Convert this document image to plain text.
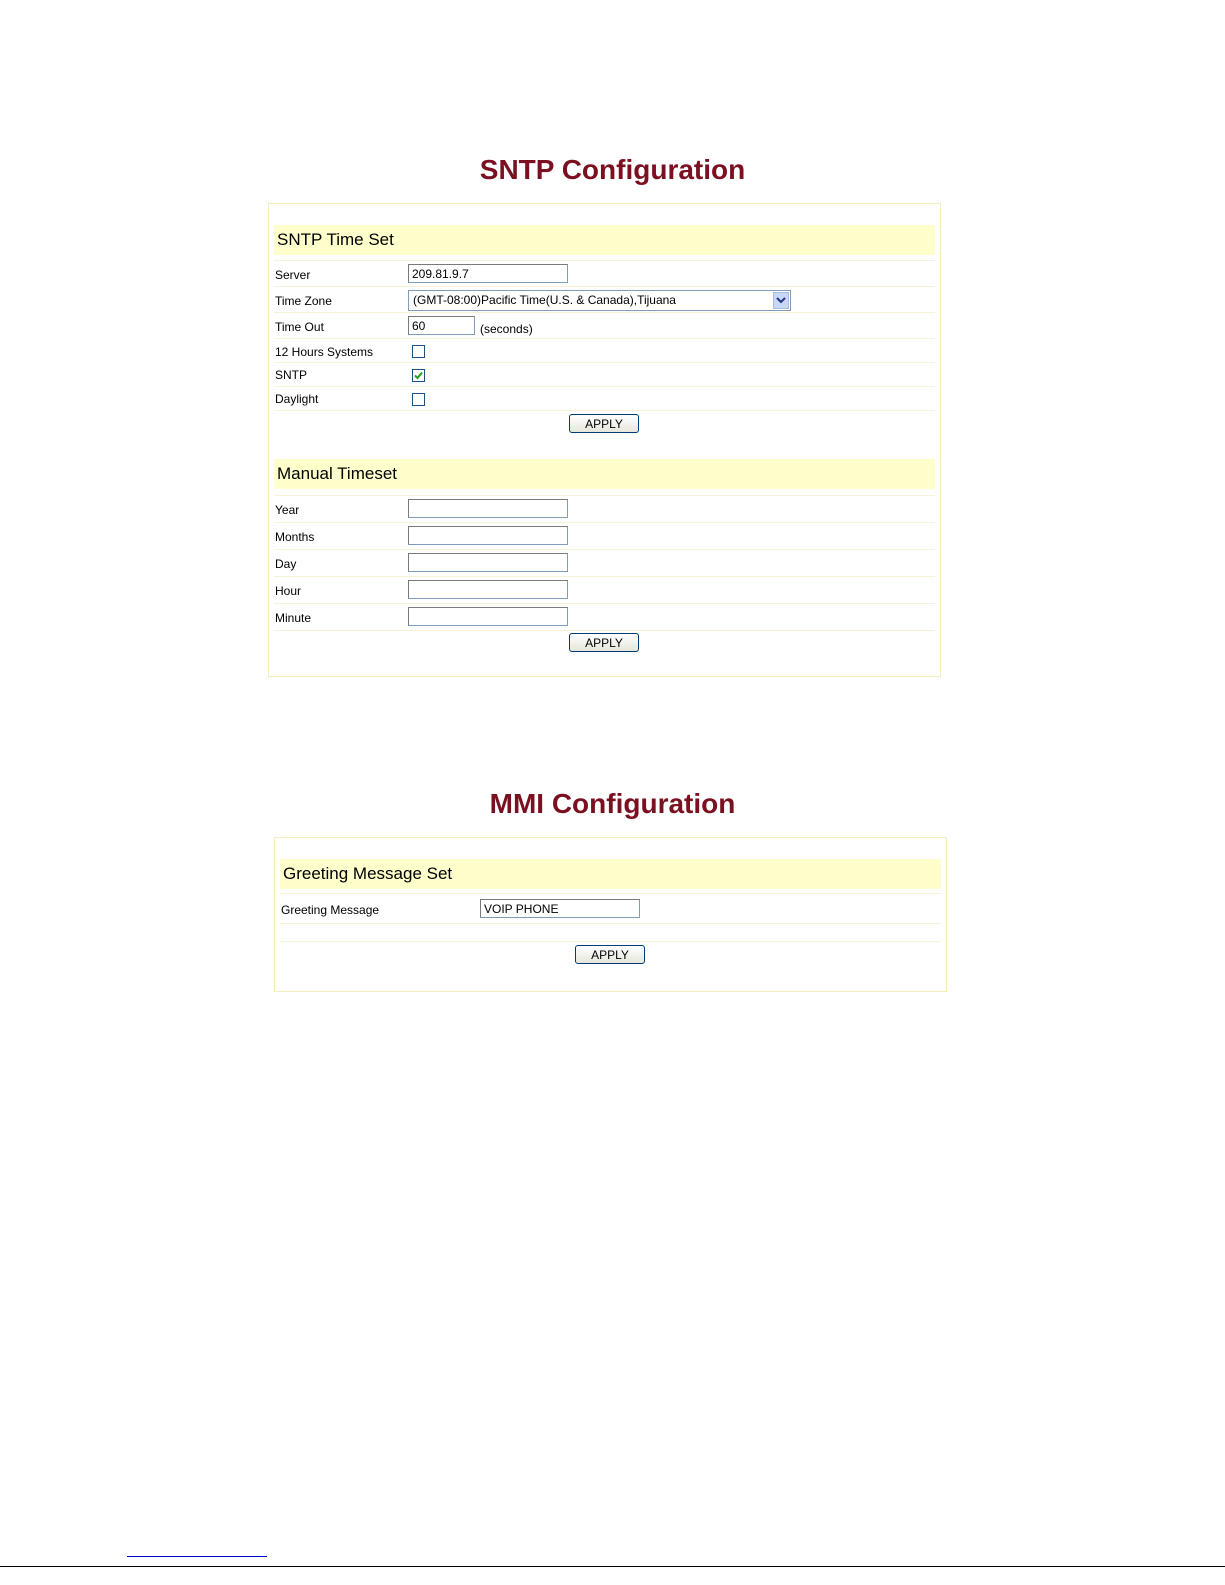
SNTP Configuration
SNTP Time Set
Server
209.81.9.7
Time Zone	(GMT-08:00)Pacific Time(U.S. & Canada),Tijuana
Time Out
60	(seconds)
12 Hours Systems
SNTP
Daylight
APPLY
Manual Timeset
Year
Months
Day
Hour
Minute
APPLY
MMI Configuration
Greeting Message Set
Greeting Message
VOIP PHONE
APPLY
